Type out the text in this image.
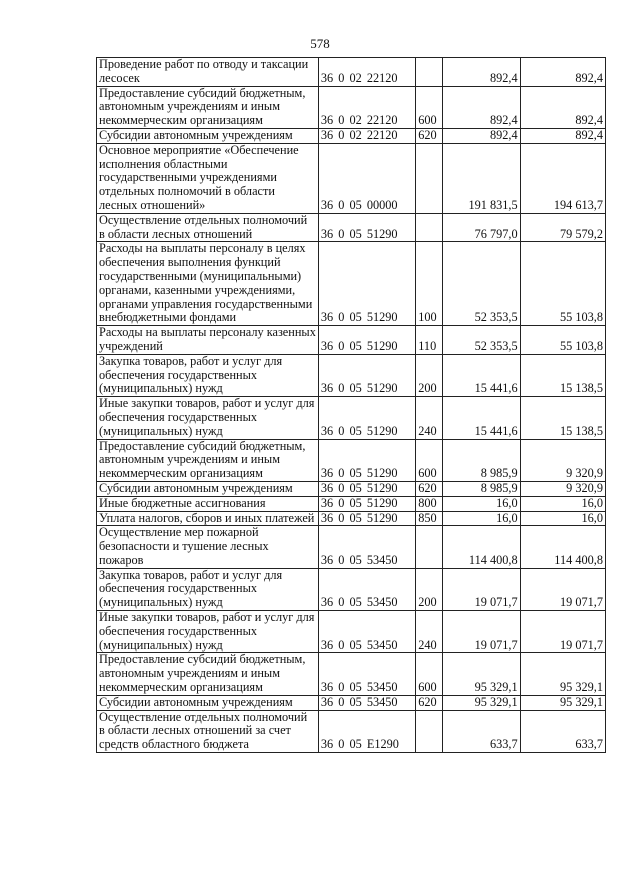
578
Проведение работ по отводу и таксации лесосек	36 0 02 22120		892,4	892,4
Предоставление субсидий бюджетным, автономным учреждениям и иным некоммерческим организациям	36 0 02 22120	600	892,4	892,4
Субсидии автономным учреждениям	36 0 02 22120	620	892,4	892,4
Основное мероприятие «Обеспечение исполнения областными государственными учреждениями отдельных полномочий в области лесных отношений»	36 0 05 00000		191 831,5	194 613,7
Осуществление отдельных полномочий в области лесных отношений	36 0 05 51290		76 797,0	79 579,2
Расходы на выплаты персоналу в целях обеспечения выполнения функций государственными (муниципальными) органами, казенными учреждениями, органами управления государственными внебюджетными фондами	36 0 05 51290	100	52 353,5	55 103,8
Расходы на выплаты персоналу казенных учреждений	36 0 05 51290	110	52 353,5	55 103,8
Закупка товаров, работ и услуг для обеспечения государственных (муниципальных) нужд	36 0 05 51290	200	15 441,6	15 138,5
Иные закупки товаров, работ и услуг для обеспечения государственных (муниципальных) нужд	36 0 05 51290	240	15 441,6	15 138,5
Предоставление субсидий бюджетным, автономным учреждениям и иным некоммерческим организациям	36 0 05 51290	600	8 985,9	9 320,9
Субсидии автономным учреждениям	36 0 05 51290	620	8 985,9	9 320,9
Иные бюджетные ассигнования	36 0 05 51290	800	16,0	16,0
Уплата налогов, сборов и иных платежей	36 0 05 51290	850	16,0	16,0
Осуществление мер пожарной безопасности и тушение лесных пожаров	36 0 05 53450		114 400,8	114 400,8
Закупка товаров, работ и услуг для обеспечения государственных (муниципальных) нужд	36 0 05 53450	200	19 071,7	19 071,7
Иные закупки товаров, работ и услуг для обеспечения государственных (муниципальных) нужд	36 0 05 53450	240	19 071,7	19 071,7
Предоставление субсидий бюджетным, автономным учреждениям и иным некоммерческим организациям	36 0 05 53450	600	95 329,1	95 329,1
Субсидии автономным учреждениям	36 0 05 53450	620	95 329,1	95 329,1
Осуществление отдельных полномочий в области лесных отношений за счет средств областного бюджета	36 0 05 Е1290		633,7	633,7
